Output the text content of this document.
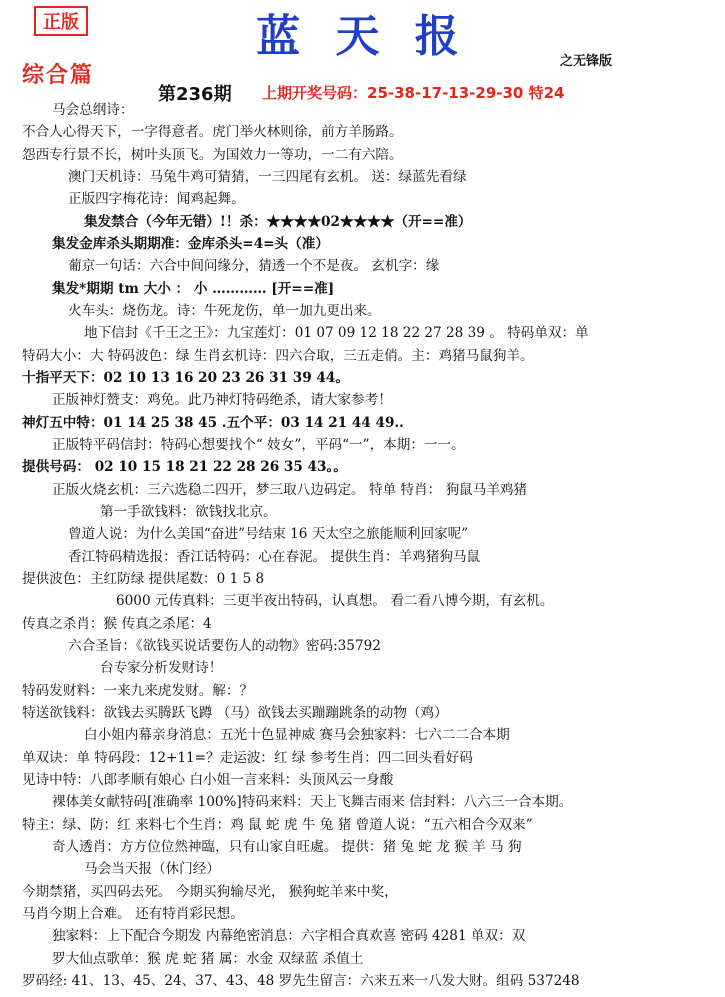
正版	蓝 天 报	之无锋版
综合篇
第236期 上期开奖号码：25-38-17-13-29-30 特24
马会总纲诗：
不合人心得天下，一字得意者。虎门举火林则徐，前方羊肠路。
怨西专行景不长，树叶头顶飞。为国效力一等功，一二有六陪。
澳门天机诗：马兔牛鸡可猜猜，一三四尾有玄机。 送：绿蓝先看绿
正版四字梅花诗：闻鸡起舞。
集发禁合（今年无错）!！杀：★★★★02★★★★（开==准）
集发金库杀头期期准：金库杀头=4=头（准）
葡京一句话：六合中间问缘分，猜透一个不是夜。 玄机字：缘
集发*期期 tm 大小 ： 小 ………… [开==准]
火车头：烧伤龙。诗：牛死龙伤，单一加九更出来。
地下信封《千王之王》：九宝莲灯：01 07 09 12 18 22 27 28 39 。 特码单双：单
特码大小：大 特码波色：绿 生肖玄机诗：四六合取，三五走俏。主：鸡猪马鼠狗羊。
十指平天下：02 10 13 16 20 23 26 31 39 44。
正版神灯赞支：鸡免。此乃神灯特码绝杀，请大家参考！
神灯五中特：01 14 25 38 45 .五个平：03 14 21 44 49..
正版特平码信封：特码心想要找个“ 妓女”，平码“一”，本期：一一。
提供号码： 02 10 15 18 21 22 28 26 35 43。。
正版火烧玄机：三六选稳二四开，梦三取八边码定。 特单 特肖： 狗鼠马羊鸡猪
第一手欲钱料：欲钱找北京。
曾道人说：为什么美国“奋进”号结束 16 天太空之旅能顺利回家呢”
香江特码精选报：香江话特码：心在春泥。 提供生肖：羊鸡猪狗马鼠
提供波色：主红防绿 提供尾数：0 1 5 8
6000 元传真料：三更半夜出特码，认真想。 看二看八博今期，有玄机。
传真之杀肖：猴 传真之杀尾：4
六合圣旨：《欲钱买说话要伤人的动物》密码:35792
台专家分析发财诗！
特码发财料：一来九来虎发财。解：？
特送欲钱料：欲钱去买腾跃飞蹲 （马）欲钱去买蹦蹦跳条的动物（鸡）
白小姐内幕亲身消息：五光十色显神威 赛马会独家料：七六二二合本期
单双诀：单 特码段：12+11=？走运波：红 绿 参考生肖：四二回头看好码
见诗中特：八郎孝顺有娘心 白小姐一言来料：头顶风云一身酸
裸体美女献特码[准确率 100%]特码来料：天上飞舞吉雨来 信封料：八六三一合本期。
特主：绿、防：红 来料七个生肖：鸡 鼠 蛇 虎 牛 兔 猪 曾道人说：“五六相合今双来”
奇人透肖：方方位位然神臨，只有山家自旺處。 提供：猪 兔 蛇 龙 猴 羊 马 狗
马会当天报（休门经）
今期禁猪，买四码去死。 今期买狗输尽光， 猴狗蛇羊来中奖，
马肖今期上合难。 还有特肖彩民想。
独家料：上下配合今期发 内幕绝密消息：六字相合真欢喜 密码 4281 单双：双
罗大仙点歌单：猴 虎 蛇 猪 属：水金 双绿蓝 杀值土
罗码经: 41、13、45、24、37、43、48 罗先生留言：六来五来一八发大财。组码 537248
